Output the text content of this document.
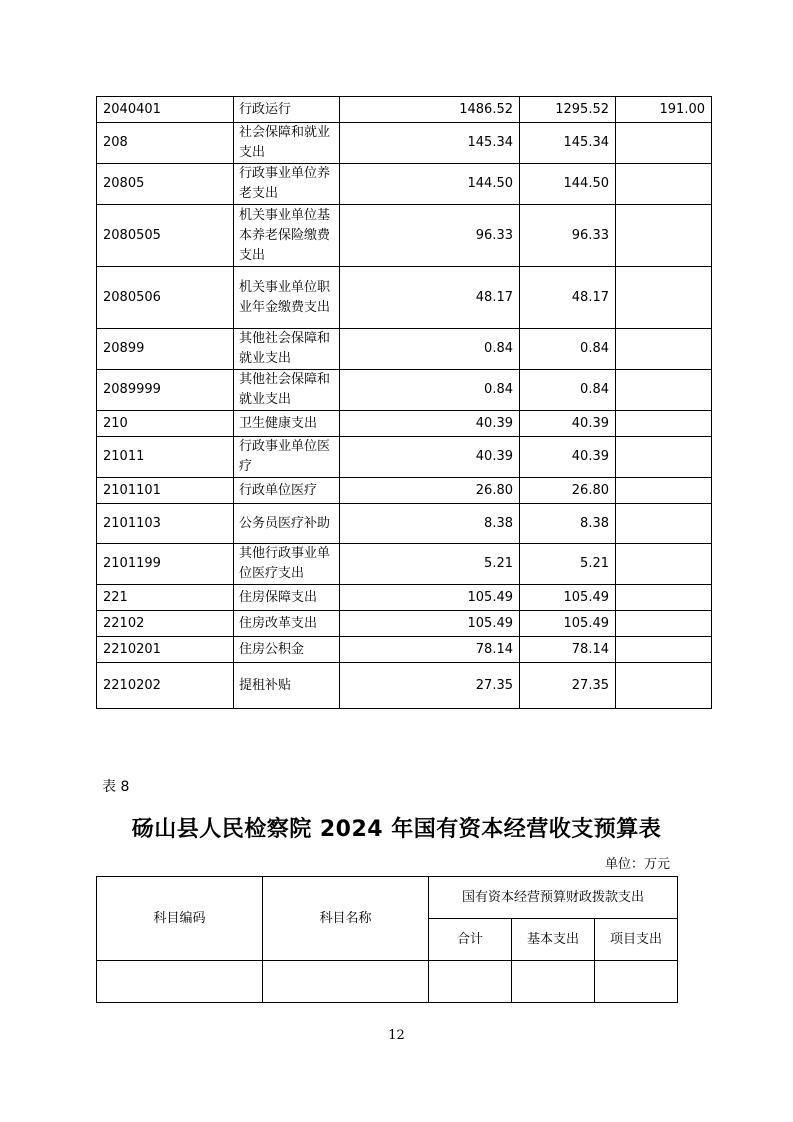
2040401	行政运行	1486.52	1295.52	191.00
208	社会保障和就业支出	145.34	145.34	
20805	行政事业单位养老支出	144.50	144.50	
2080505	机关事业单位基本养老保险缴费支出	96.33	96.33	
2080506	机关事业单位职业年金缴费支出	48.17	48.17	
20899	其他社会保障和就业支出	0.84	0.84	
2089999	其他社会保障和就业支出	0.84	0.84	
210	卫生健康支出	40.39	40.39	
21011	行政事业单位医疗	40.39	40.39	
2101101	行政单位医疗	26.80	26.80	
2101103	公务员医疗补助	8.38	8.38	
2101199	其他行政事业单位医疗支出	5.21	5.21	
221	住房保障支出	105.49	105.49	
22102	住房改革支出	105.49	105.49	
2210201	住房公积金	78.14	78.14	
2210202	提租补贴	27.35	27.35	
表 8
砀山县人民检察院 2024 年国有资本经营收支预算表
单位：万元
科目编码	科目名称	国有资本经营预算财政拨款支出		
		合计	基本支出	项目支出

12
